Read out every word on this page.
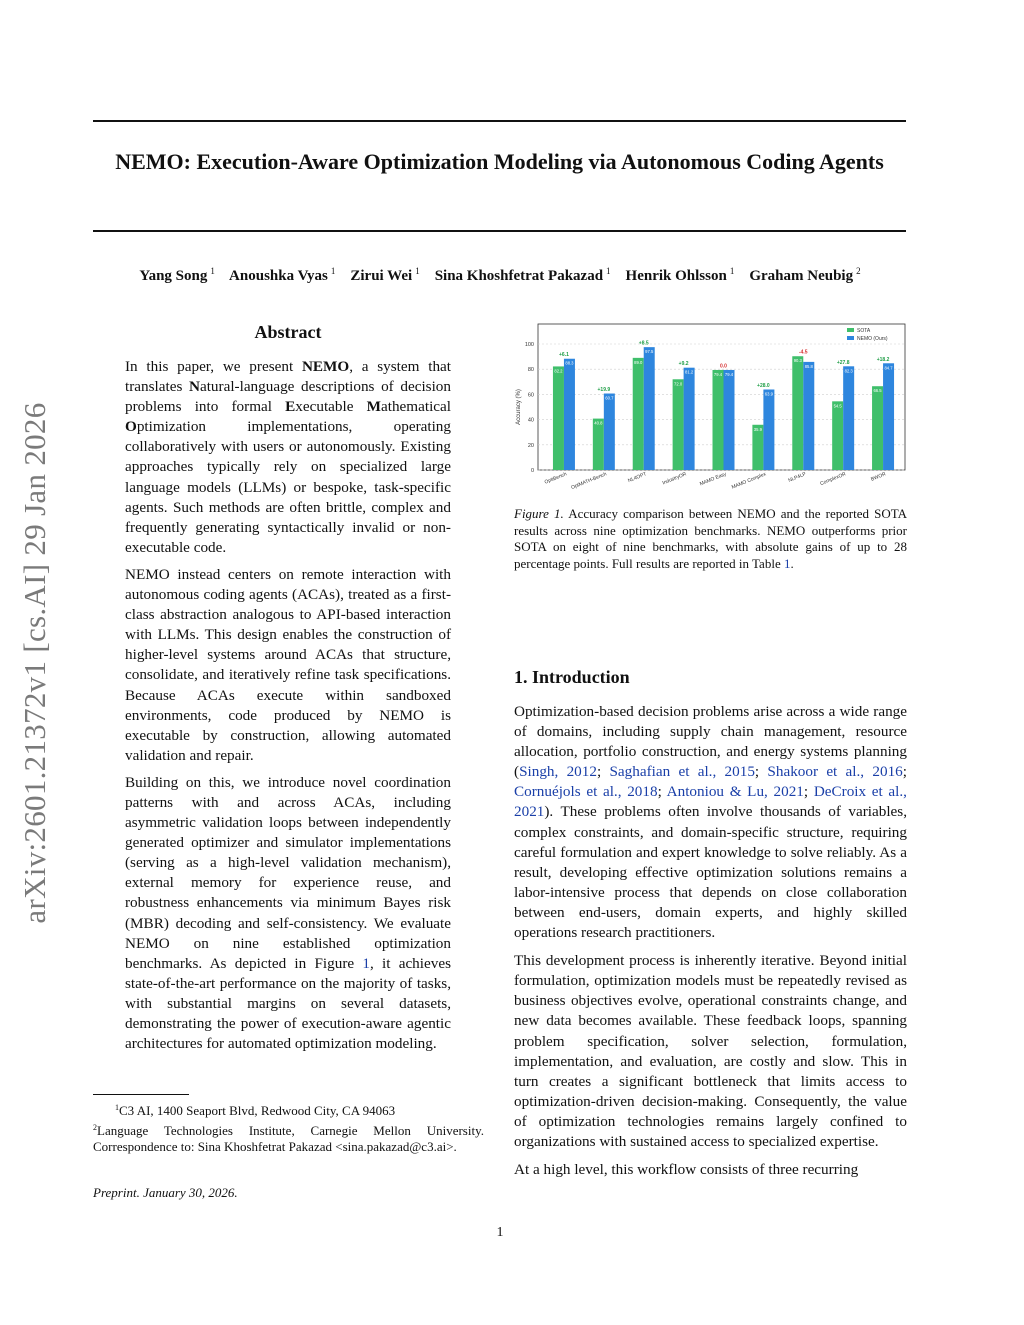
arXiv:2601.21372v1 [cs.AI] 29 Jan 2026
NEMO: Execution-Aware Optimization Modeling via Autonomous Coding Agents
Yang Song $^1$ Anoushka Vyas $^1$ Zirui Wei $^1$ Sina Khoshfetrat Pakazad $^1$ Henrik Ohlsson $^1$ Graham Neubig $^2$
Abstract

In this paper, we present NEMO, a system that translates Natural-language descriptions of decision problems into formal Executable Mathematical Optimization implementations, operating collaboratively with users or autonomously. Existing approaches typically rely on specialized large language models (LLMs) or bespoke, task-specific agents. Such methods are often brittle, complex and frequently generating syntactically invalid or non-executable code.

NEMO instead centers on remote interaction with autonomous coding agents (ACAs), treated as a first-class abstraction analogous to API-based interaction with LLMs. This design enables the construction of higher-level systems around ACAs that structure, consolidate, and iteratively refine task specifications. Because ACAs execute within sandboxed environments, code produced by NEMO is executable by construction, allowing automated validation and repair.

Building on this, we introduce novel coordination patterns with and across ACAs, including asymmetric validation loops between independently generated optimizer and simulator implementations (serving as a high-level validation mechanism), external memory for experience reuse, and robustness enhancements via minimum Bayes risk (MBR) decoding and self-consistency. We evaluate NEMO on nine established optimization benchmarks. As depicted in Figure 1, it achieves state-of-the-art performance on the majority of tasks, with substantial margins on several datasets, demonstrating the power of execution-aware agentic architectures for automated optimization modeling.

$^1$C3 AI, 1400 Seaport Blvd, Redwood City, CA 94063
$^2$Language Technologies Institute, Carnegie Mellon University. Correspondence to: Sina Khoshfetrat Pakazad <sina.pakazad@c3.ai>.
Preprint. January 30, 2026.
1
0
20
40
60
80
100
Accuracy (%)
82.2
88.3
+6.1
OptiBench
40.8
60.7
+19.9
OptMATH-Bench
89.0
97.5
+8.5
NL4OPT
72.0
81.2
+9.2
IndustryOR
79.4 79.4
0.0
MAMO Easy
35.9
63.9
+28.0
MAMO Complex
90.3
85.8
-4.5
NLP4LP
54.5
82.3
+27.8
ComplexOR
66.5
84.7
+18.2
BWOR
SOTA
NEMO (Ours)
Figure 1. Accuracy comparison between NEMO and the reported SOTA results across nine optimization benchmarks. NEMO outperforms prior SOTA on eight of nine benchmarks, with absolute gains of up to 28 percentage points. Full results are reported in Table 1.
1. Introduction

Optimization-based decision problems arise across a wide range of domains, including supply chain management, resource allocation, portfolio construction, and energy systems planning (Singh, 2012; Saghafian et al., 2015; Shakoor et al., 2016; Cornuéjols et al., 2018; Antoniou & Lu, 2021; DeCroix et al., 2021). These problems often involve thousands of variables, complex constraints, and domain-specific structure, requiring careful formulation and expert knowledge to solve reliably. As a result, developing effective optimization solutions remains a labor-intensive process that depends on close collaboration between end-users, domain experts, and highly skilled operations research practitioners.

This development process is inherently iterative. Beyond initial formulation, optimization models must be repeatedly revised as business objectives evolve, operational constraints change, and new data becomes available. These feedback loops, spanning problem specification, solver selection, formulation, implementation, and evaluation, are costly and slow. This in turn creates a significant bottleneck that limits access to optimization-driven decision-making. Consequently, the value of optimization technologies remains largely confined to organizations with sustained access to specialized expertise.

At a high level, this workflow consists of three recurring
